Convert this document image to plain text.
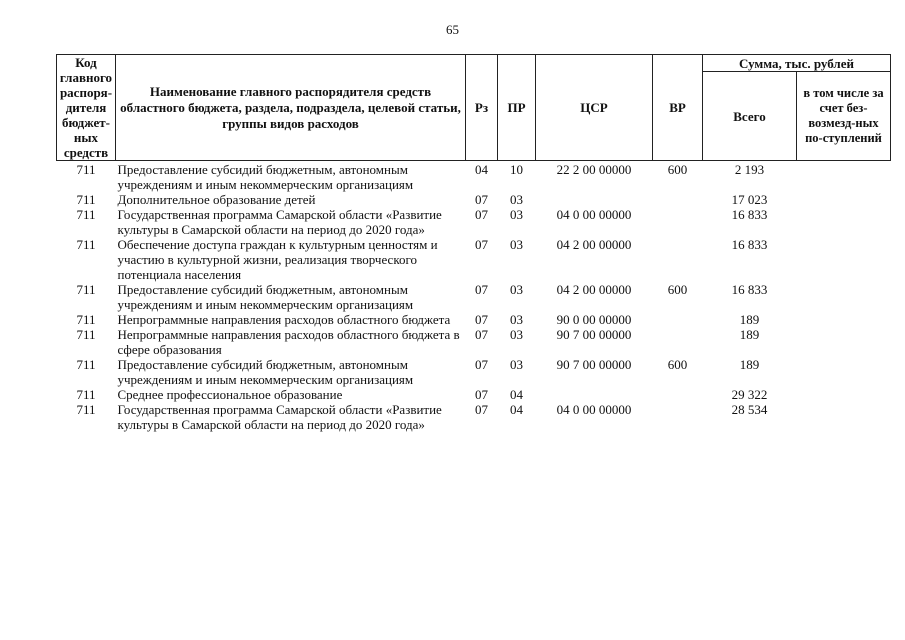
65
Код главного распоря-дителя бюджет-ных средств	Наименование главного распорядителя средств областного бюджета, раздела, подраздела, целевой статьи, группы видов расходов	Рз	ПР	ЦСР	ВР	Сумма, тыс. рублей	
						Всего	в том числе за счет без-возмезд-ных по-ступлений
711	Предоставление субсидий бюджетным, автономным учреждениям и иным некоммерческим организациям	04	10	22 2 00 00000	600	2 193	
711	Дополнительное образование детей	07	03			17 023	
711	Государственная программа Самарской области «Развитие культуры в Самарской области на период до 2020 года»	07	03	04 0 00 00000		16 833	
711	Обеспечение доступа граждан к культурным ценностям и участию в культурной жизни, реализация творческого потенциала населения	07	03	04 2 00 00000		16 833	
711	Предоставление субсидий бюджетным, автономным учреждениям и иным некоммерческим организациям	07	03	04 2 00 00000	600	16 833	
711	Непрограммные направления расходов областного бюджета	07	03	90 0 00 00000		189	
711	Непрограммные направления расходов областного бюджета в сфере образования	07	03	90 7 00 00000		189	
711	Предоставление субсидий бюджетным, автономным учреждениям и иным некоммерческим организациям	07	03	90 7 00 00000	600	189	
711	Среднее профессиональное образование	07	04			29 322	
711	Государственная программа Самарской области «Развитие культуры в Самарской области на период до 2020 года»	07	04	04 0 00 00000		28 534	
